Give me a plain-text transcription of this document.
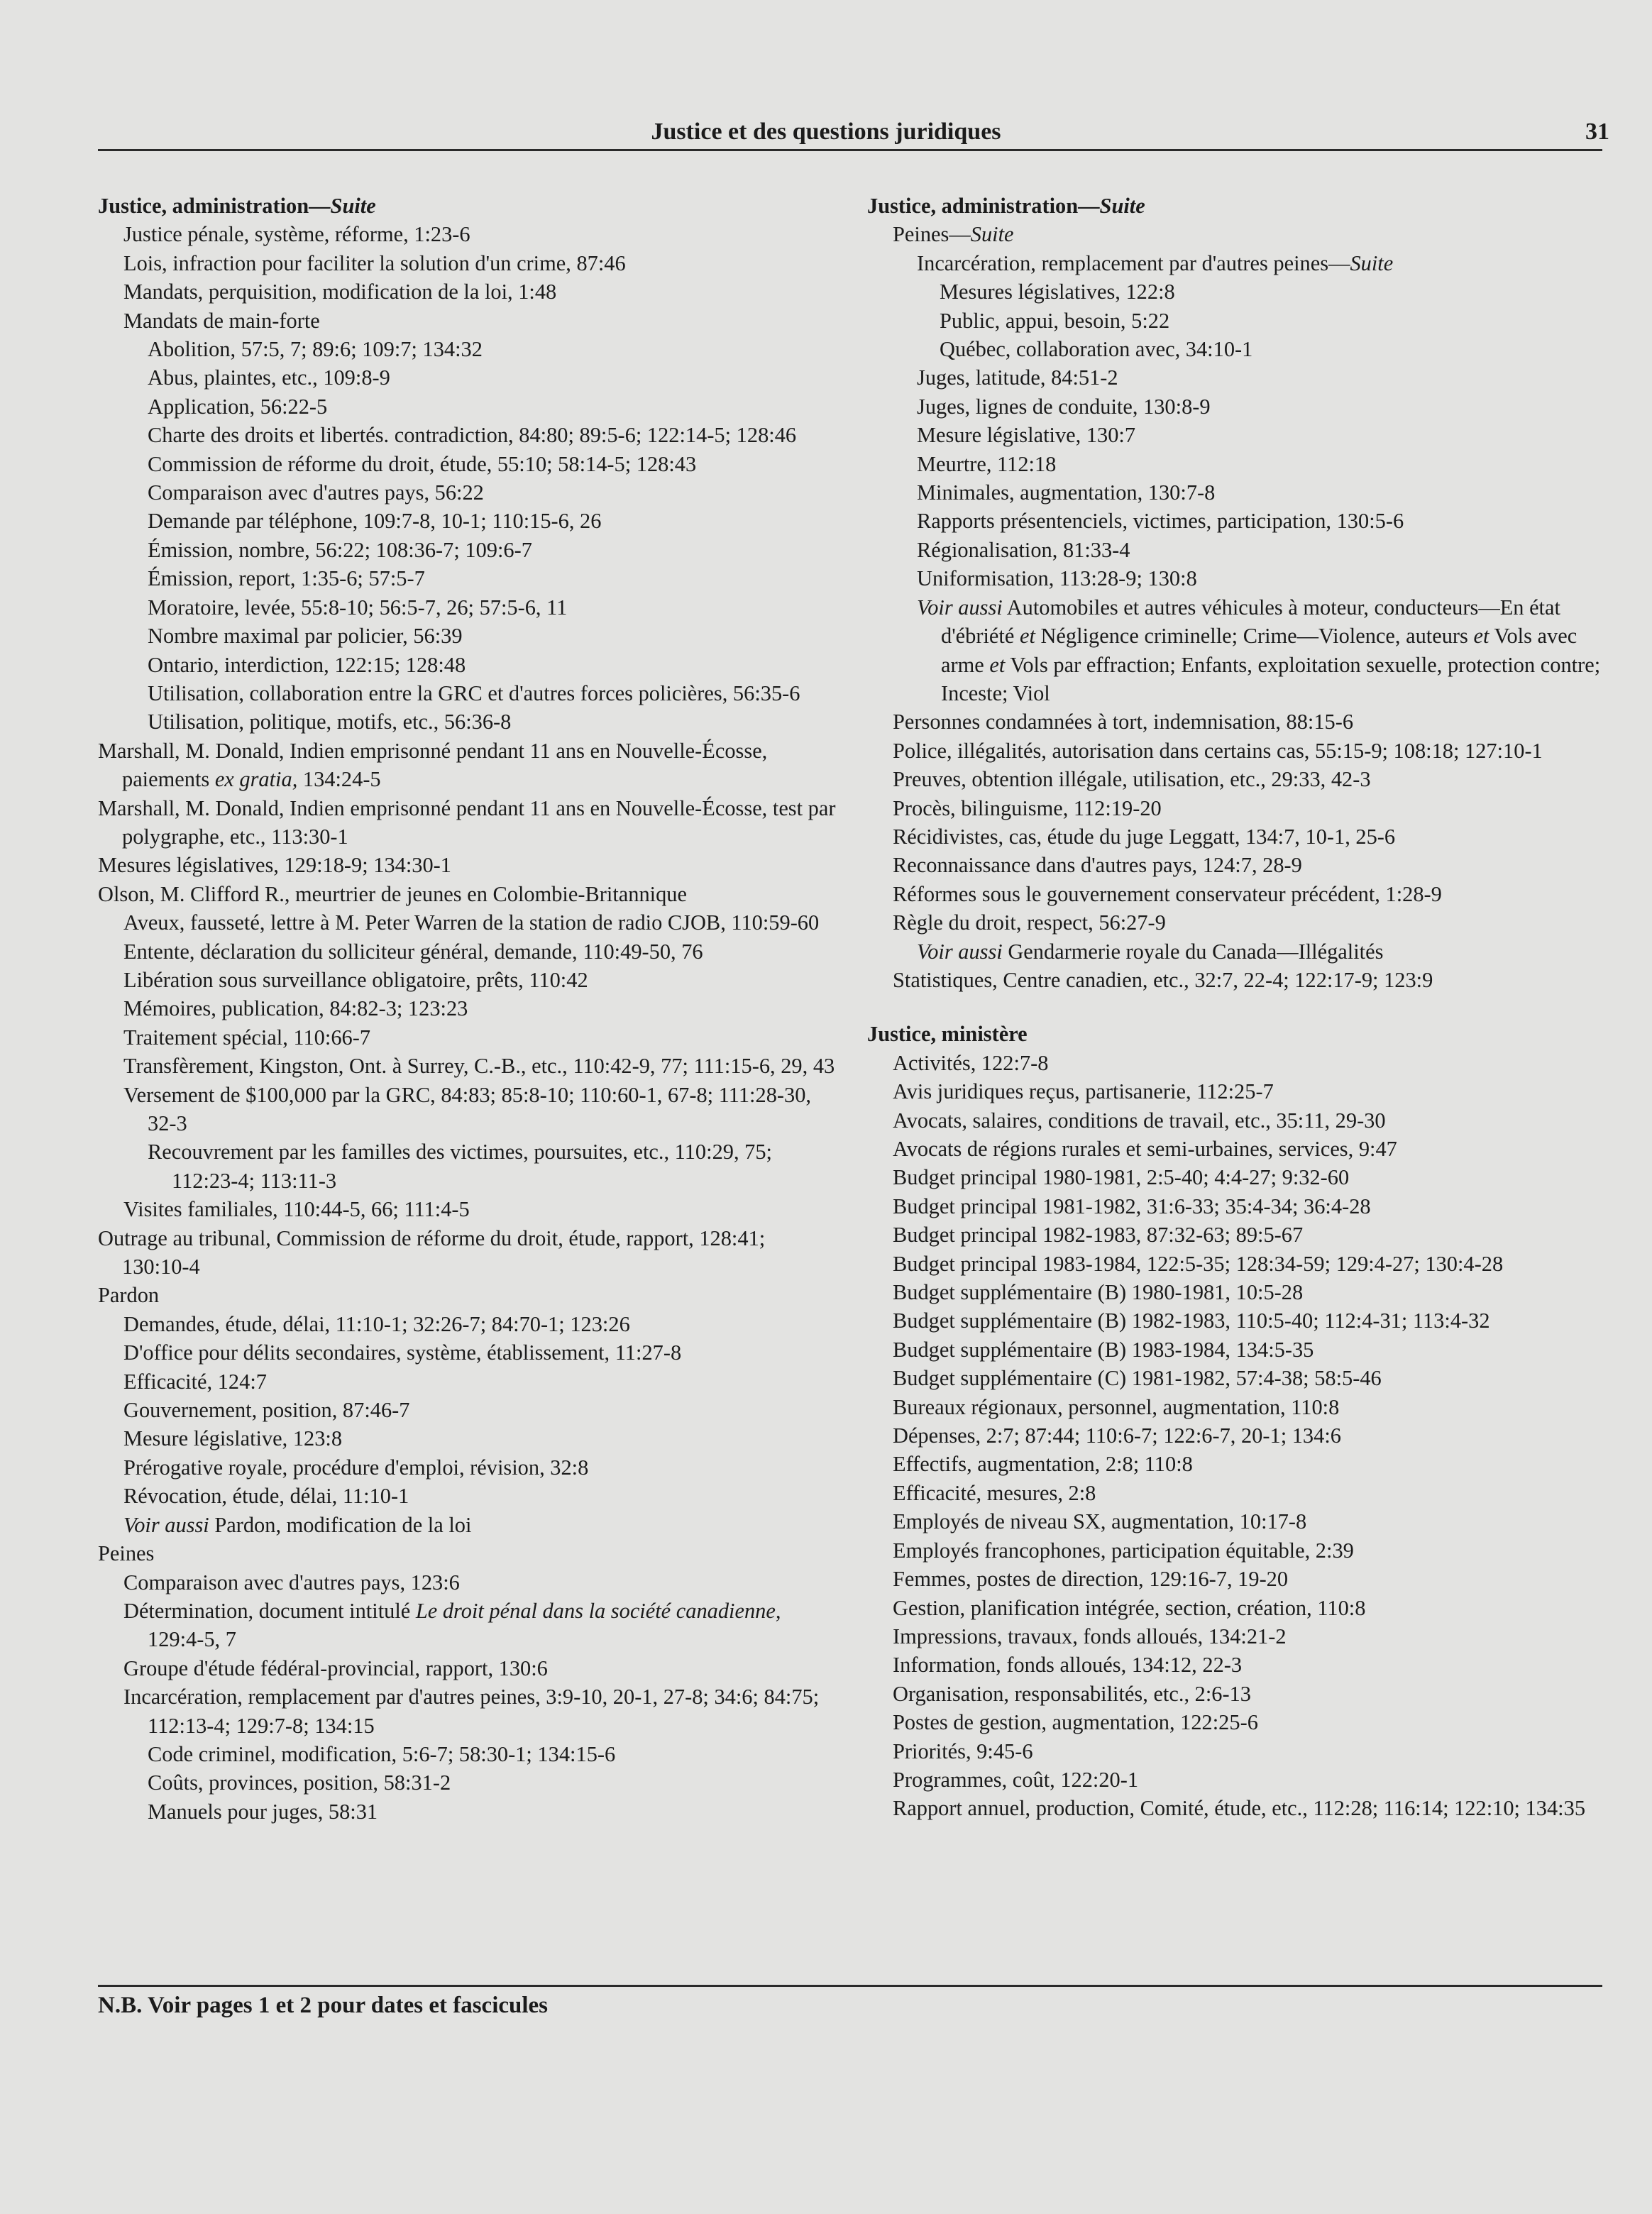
Justice et des questions juridiques	31

Justice, administration—Suite

Justice pénale, système, réforme, 1:23-6

Lois, infraction pour faciliter la solution d'un crime, 87:46

Mandats, perquisition, modification de la loi, 1:48

Mandats de main-forte

Abolition, 57:5, 7; 89:6; 109:7; 134:32

Abus, plaintes, etc., 109:8-9

Application, 56:22-5

Charte des droits et libertés. contradiction, 84:80; 89:5-6; 122:14-5; 128:46

Commission de réforme du droit, étude, 55:10; 58:14-5; 128:43

Comparaison avec d'autres pays, 56:22

Demande par téléphone, 109:7-8, 10-1; 110:15-6, 26

Émission, nombre, 56:22; 108:36-7; 109:6-7

Émission, report, 1:35-6; 57:5-7

Moratoire, levée, 55:8-10; 56:5-7, 26; 57:5-6, 11

Nombre maximal par policier, 56:39

Ontario, interdiction, 122:15; 128:48

Utilisation, collaboration entre la GRC et d'autres forces policières, 56:35-6

Utilisation, politique, motifs, etc., 56:36-8

Marshall, M. Donald, Indien emprisonné pendant 11 ans en Nouvelle-Écosse, paiements ex gratia, 134:24-5

Marshall, M. Donald, Indien emprisonné pendant 11 ans en Nouvelle-Écosse, test par polygraphe, etc., 113:30-1

Mesures législatives, 129:18-9; 134:30-1

Olson, M. Clifford R., meurtrier de jeunes en Colombie-Britannique

Aveux, fausseté, lettre à M. Peter Warren de la station de radio CJOB, 110:59-60

Entente, déclaration du solliciteur général, demande, 110:49-50, 76

Libération sous surveillance obligatoire, prêts, 110:42

Mémoires, publication, 84:82-3; 123:23

Traitement spécial, 110:66-7

Transfèrement, Kingston, Ont. à Surrey, C.-B., etc., 110:42-9, 77; 111:15-6, 29, 43

Versement de $100,000 par la GRC, 84:83; 85:8-10; 110:60-1, 67-8; 111:28-30, 32-3

Recouvrement par les familles des victimes, poursuites, etc., 110:29, 75; 112:23-4; 113:11-3

Visites familiales, 110:44-5, 66; 111:4-5

Outrage au tribunal, Commission de réforme du droit, étude, rapport, 128:41; 130:10-4

Pardon

Demandes, étude, délai, 11:10-1; 32:26-7; 84:70-1; 123:26

D'office pour délits secondaires, système, établissement, 11:27-8

Efficacité, 124:7

Gouvernement, position, 87:46-7

Mesure législative, 123:8

Prérogative royale, procédure d'emploi, révision, 32:8

Révocation, étude, délai, 11:10-1

Voir aussi Pardon, modification de la loi

Peines

Comparaison avec d'autres pays, 123:6

Détermination, document intitulé Le droit pénal dans la société canadienne, 129:4-5, 7

Groupe d'étude fédéral-provincial, rapport, 130:6

Incarcération, remplacement par d'autres peines, 3:9-10, 20-1, 27-8; 34:6; 84:75; 112:13-4; 129:7-8; 134:15

Code criminel, modification, 5:6-7; 58:30-1; 134:15-6

Coûts, provinces, position, 58:31-2

Manuels pour juges, 58:31

Justice, administration—Suite

Peines—Suite

Incarcération, remplacement par d'autres peines—Suite

Mesures législatives, 122:8

Public, appui, besoin, 5:22

Québec, collaboration avec, 34:10-1

Juges, latitude, 84:51-2

Juges, lignes de conduite, 130:8-9

Mesure législative, 130:7

Meurtre, 112:18

Minimales, augmentation, 130:7-8

Rapports présentenciels, victimes, participation, 130:5-6

Régionalisation, 81:33-4

Uniformisation, 113:28-9; 130:8

Voir aussi Automobiles et autres véhicules à moteur, conducteurs—En état d'ébriété et Négligence criminelle; Crime—Violence, auteurs et Vols avec arme et Vols par effraction; Enfants, exploitation sexuelle, protection contre; Inceste; Viol

Personnes condamnées à tort, indemnisation, 88:15-6

Police, illégalités, autorisation dans certains cas, 55:15-9; 108:18; 127:10-1

Preuves, obtention illégale, utilisation, etc., 29:33, 42-3

Procès, bilinguisme, 112:19-20

Récidivistes, cas, étude du juge Leggatt, 134:7, 10-1, 25-6

Reconnaissance dans d'autres pays, 124:7, 28-9

Réformes sous le gouvernement conservateur précédent, 1:28-9

Règle du droit, respect, 56:27-9

Voir aussi Gendarmerie royale du Canada—Illégalités

Statistiques, Centre canadien, etc., 32:7, 22-4; 122:17-9; 123:9

Justice, ministère

Activités, 122:7-8

Avis juridiques reçus, partisanerie, 112:25-7

Avocats, salaires, conditions de travail, etc., 35:11, 29-30

Avocats de régions rurales et semi-urbaines, services, 9:47

Budget principal 1980-1981, 2:5-40; 4:4-27; 9:32-60

Budget principal 1981-1982, 31:6-33; 35:4-34; 36:4-28

Budget principal 1982-1983, 87:32-63; 89:5-67

Budget principal 1983-1984, 122:5-35; 128:34-59; 129:4-27; 130:4-28

Budget supplémentaire (B) 1980-1981, 10:5-28

Budget supplémentaire (B) 1982-1983, 110:5-40; 112:4-31; 113:4-32

Budget supplémentaire (B) 1983-1984, 134:5-35

Budget supplémentaire (C) 1981-1982, 57:4-38; 58:5-46

Bureaux régionaux, personnel, augmentation, 110:8

Dépenses, 2:7; 87:44; 110:6-7; 122:6-7, 20-1; 134:6

Effectifs, augmentation, 2:8; 110:8

Efficacité, mesures, 2:8

Employés de niveau SX, augmentation, 10:17-8

Employés francophones, participation équitable, 2:39

Femmes, postes de direction, 129:16-7, 19-20

Gestion, planification intégrée, section, création, 110:8

Impressions, travaux, fonds alloués, 134:21-2

Information, fonds alloués, 134:12, 22-3

Organisation, responsabilités, etc., 2:6-13

Postes de gestion, augmentation, 122:25-6

Priorités, 9:45-6

Programmes, coût, 122:20-1

Rapport annuel, production, Comité, étude, etc., 112:28; 116:14; 122:10; 134:35

N.B. Voir pages 1 et 2 pour dates et fascicules
